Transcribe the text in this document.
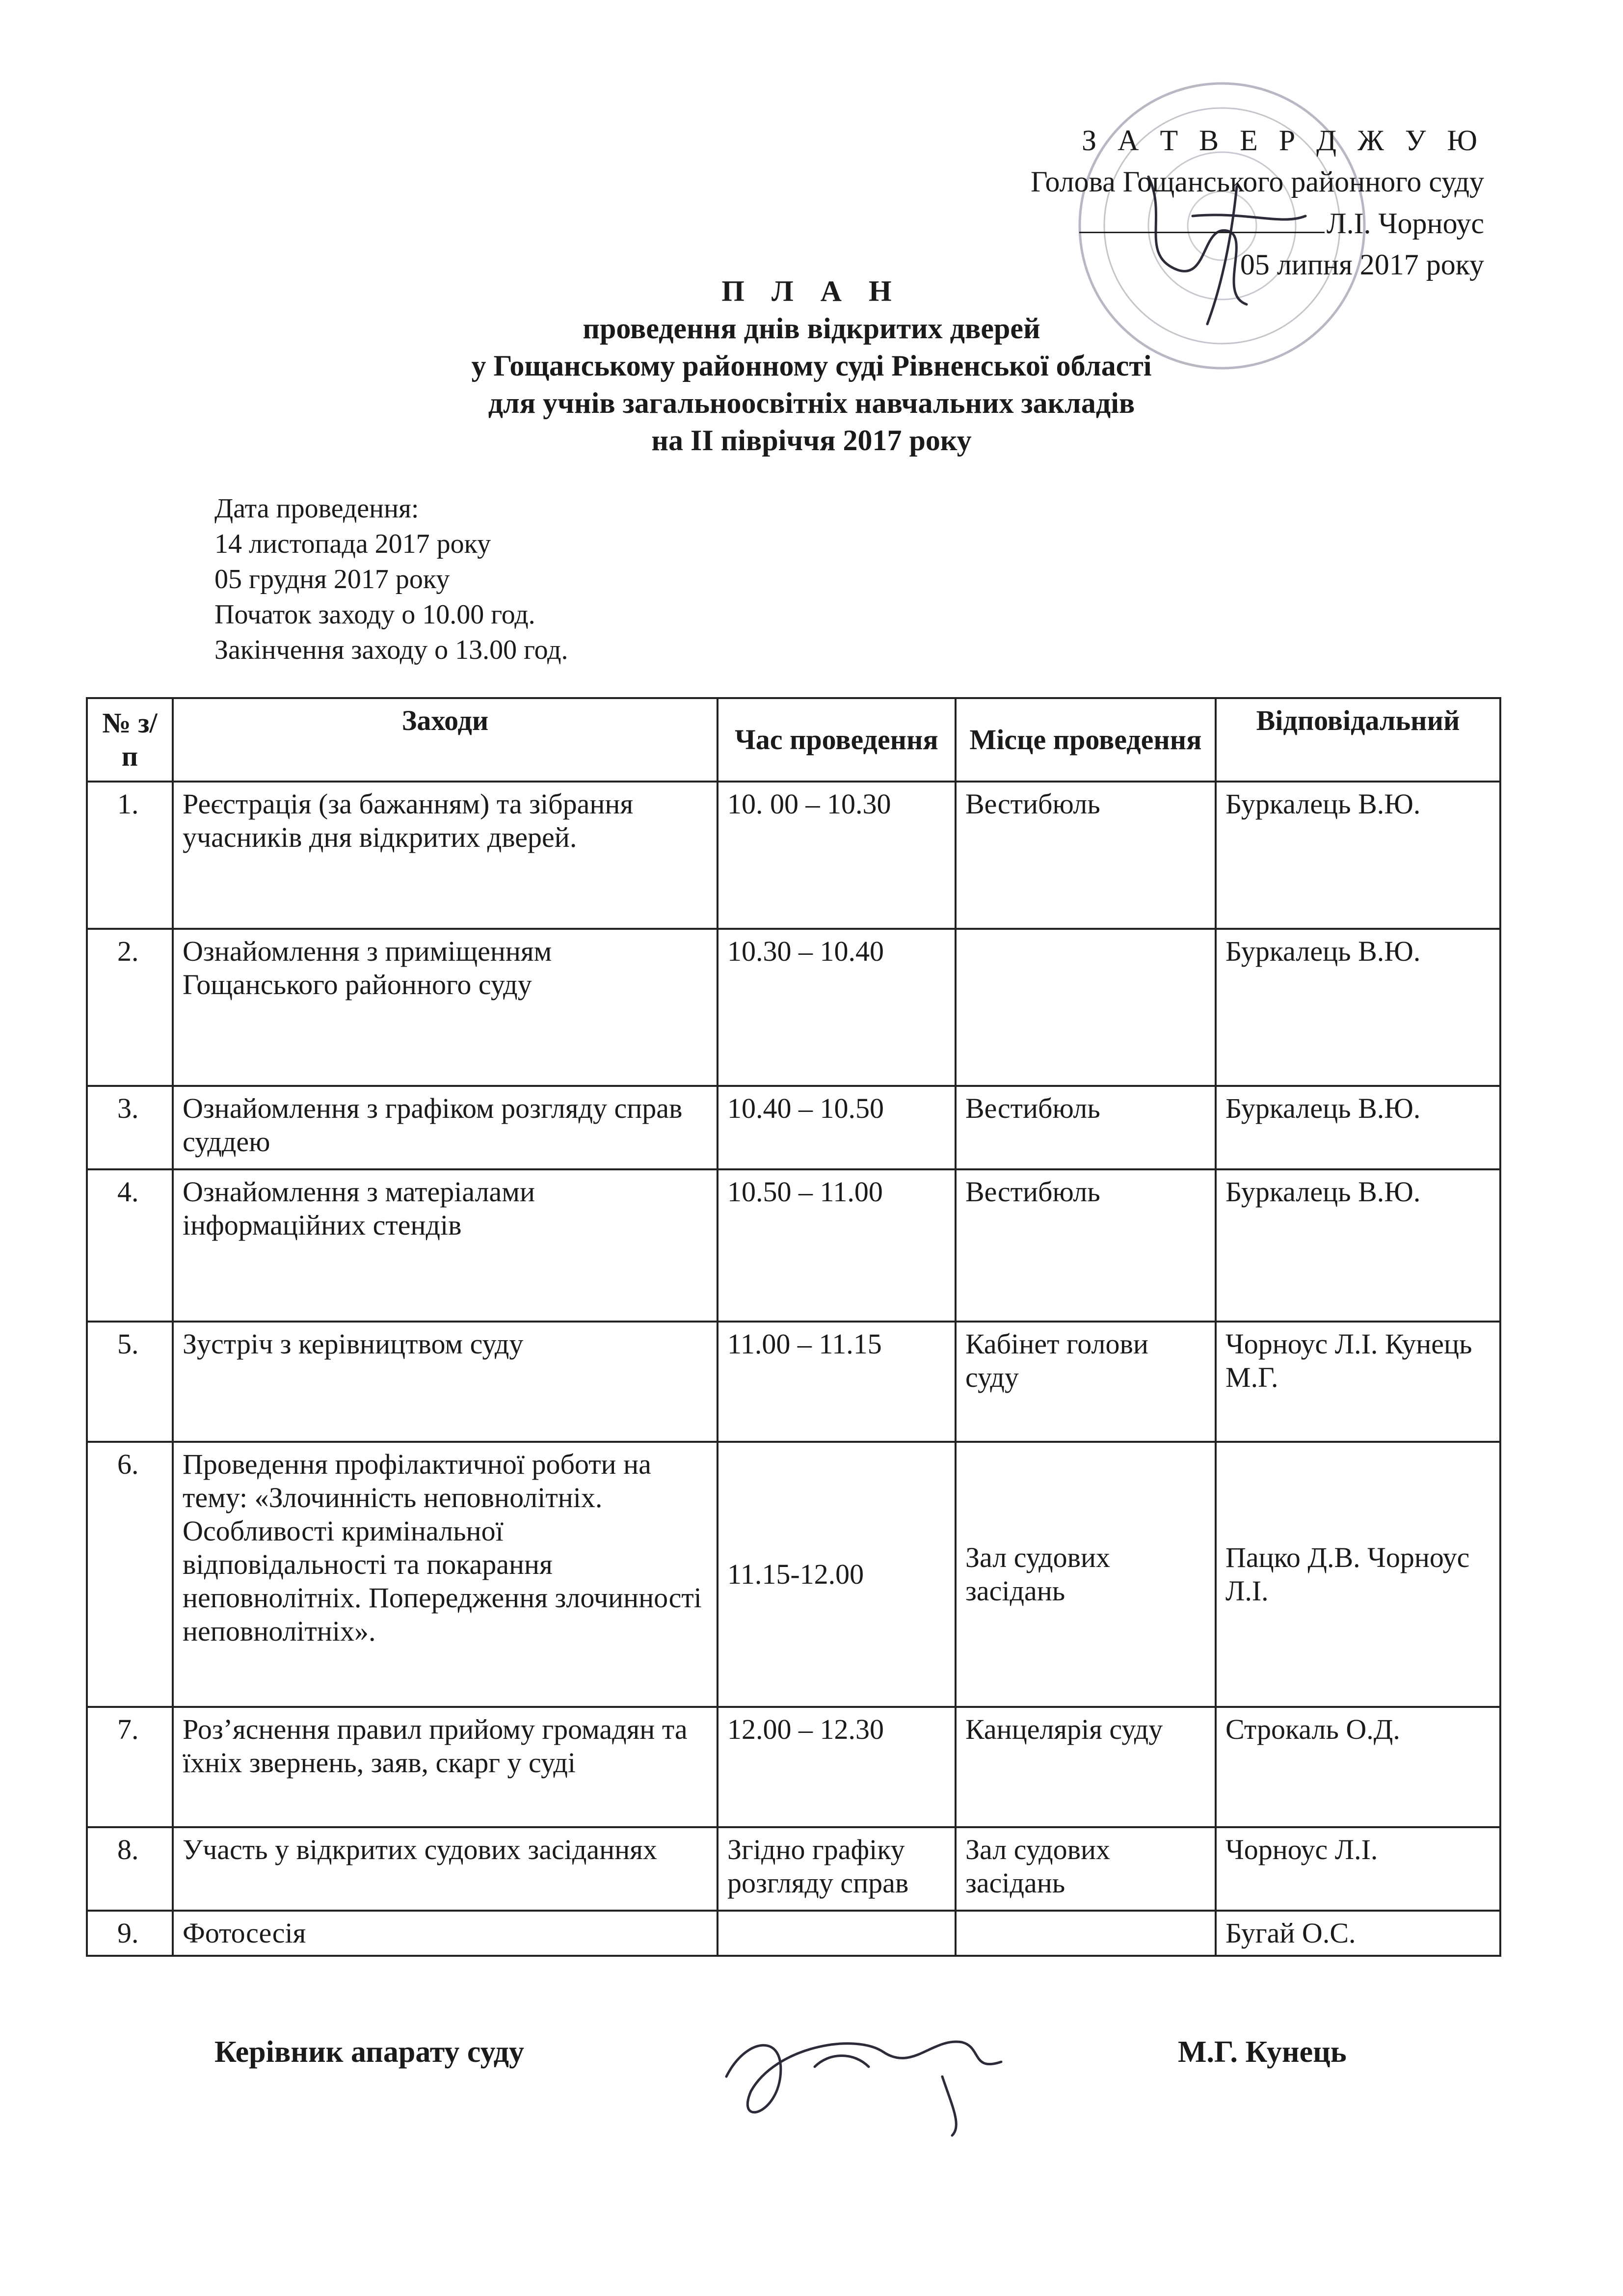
З А Т В Е Р Д Ж У Ю
Голова Гощанського районного суду
Л.І. Чорноус
05 липня 2017 року
П Л А Н
проведення днів відкритих дверей
у Гощанському районному суді Рівненської області
для учнів загальноосвітніх навчальних закладів
на ІІ півріччя 2017 року
Дата проведення:
14 листопада 2017 року
05 грудня 2017 року
Початок заходу о 10.00 год.
Закінчення заходу о 13.00 год.
№ з/п	Заходи	Час проведення	Місце проведення	Відповідальний
1.	Реєстрація (за бажанням) та зібрання учасників дня відкритих дверей.	10. 00 – 10.30	Вестибюль	Буркалець В.Ю.
2.	Ознайомлення з приміщенням Гощанського районного суду	10.30 – 10.40		Буркалець В.Ю.
3.	Ознайомлення з графіком розгляду справ суддею	10.40 – 10.50	Вестибюль	Буркалець В.Ю.
4.	Ознайомлення з матеріалами інформаційних стендів	10.50 – 11.00	Вестибюль	Буркалець В.Ю.
5.	Зустріч з керівництвом суду	11.00 – 11.15	Кабінет голови суду	Чорноус Л.І. Кунець М.Г.
6.	Проведення профілактичної роботи на тему: «Злочинність неповнолітніх. Особливості кримінальної відповідальності та покарання неповнолітніх. Попередження злочинності неповнолітніх».	11.15-12.00	Зал судових засідань	Пацко Д.В. Чорноус Л.І.
7.	Роз’яснення правил прийому громадян та їхніх звернень, заяв, скарг у суді	12.00 – 12.30	Канцелярія суду	Строкаль О.Д.
8.	Участь у відкритих судових засіданнях	Згідно графіку розгляду справ	Зал судових засідань	Чорноус Л.І.
9.	Фотосесія			Бугай О.С.
Керівник апарату суду	М.Г. Кунець
